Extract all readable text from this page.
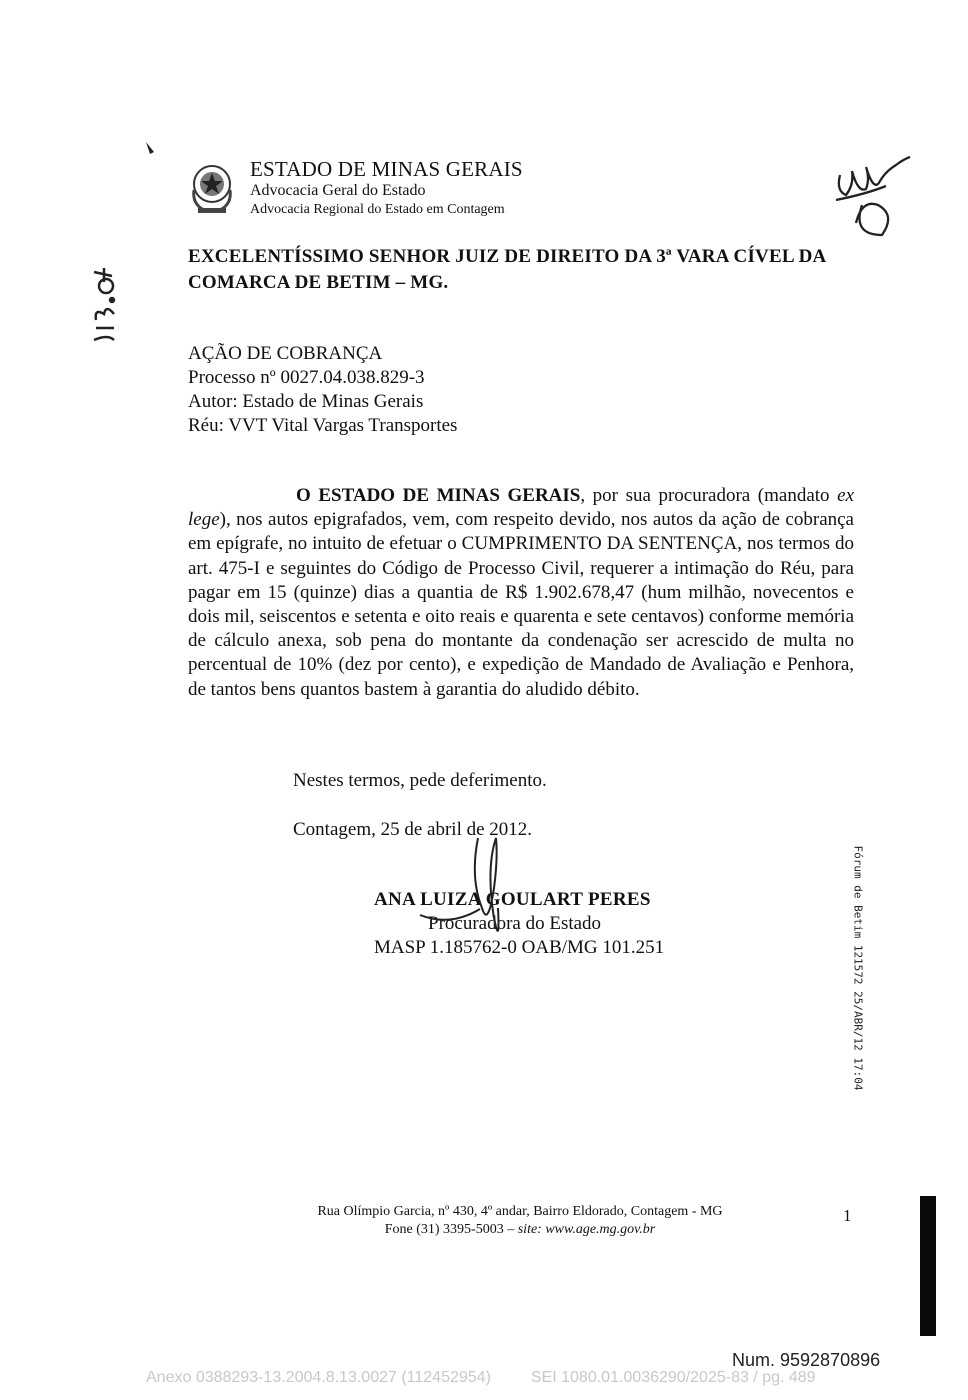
ESTADO DE MINAS GERAIS
Advocacia Geral do Estado
Advocacia Regional do Estado em Contagem
EXCELENTÍSSIMO SENHOR JUIZ DE DIREITO DA 3ª VARA CÍVEL DA COMARCA DE BETIM – MG.
AÇÃO DE COBRANÇA
Processo nº 0027.04.038.829-3
Autor: Estado de Minas Gerais
Réu: VVT Vital Vargas Transportes
O ESTADO DE MINAS GERAIS, por sua procuradora (mandato ex lege), nos autos epigrafados, vem, com respeito devido, nos autos da ação de cobrança em epígrafe, no intuito de efetuar o CUMPRIMENTO DA SENTENÇA, nos termos do art. 475-I e seguintes do Código de Processo Civil, requerer a intimação do Réu, para pagar em 15 (quinze) dias a quantia de R$ 1.902.678,47 (hum milhão, novecentos e dois mil, seiscentos e setenta e oito reais e quarenta e sete centavos) conforme memória de cálculo anexa, sob pena do montante da condenação ser acrescido de multa no percentual de 10% (dez por cento), e expedição de Mandado de Avaliação e Penhora, de tantos bens quantos bastem à garantia do aludido débito.
Nestes termos, pede deferimento.
Contagem, 25 de abril de 2012.
ANA LUIZA GOULART PERES
Procuradora do Estado
MASP 1.185762-0 OAB/MG 101.251
Rua Olímpio Garcia, nº 430, 4º andar, Bairro Eldorado, Contagem - MG
Fone (31) 3395-5003 – site: www.age.mg.gov.br
1
Fórum de Betim 121572 25/ABR/12 17:04
Num. 9592870896
Anexo 0388293-13.2004.8.13.0027 (112452954)	SEI 1080.01.0036290/2025-83 / pg. 489
